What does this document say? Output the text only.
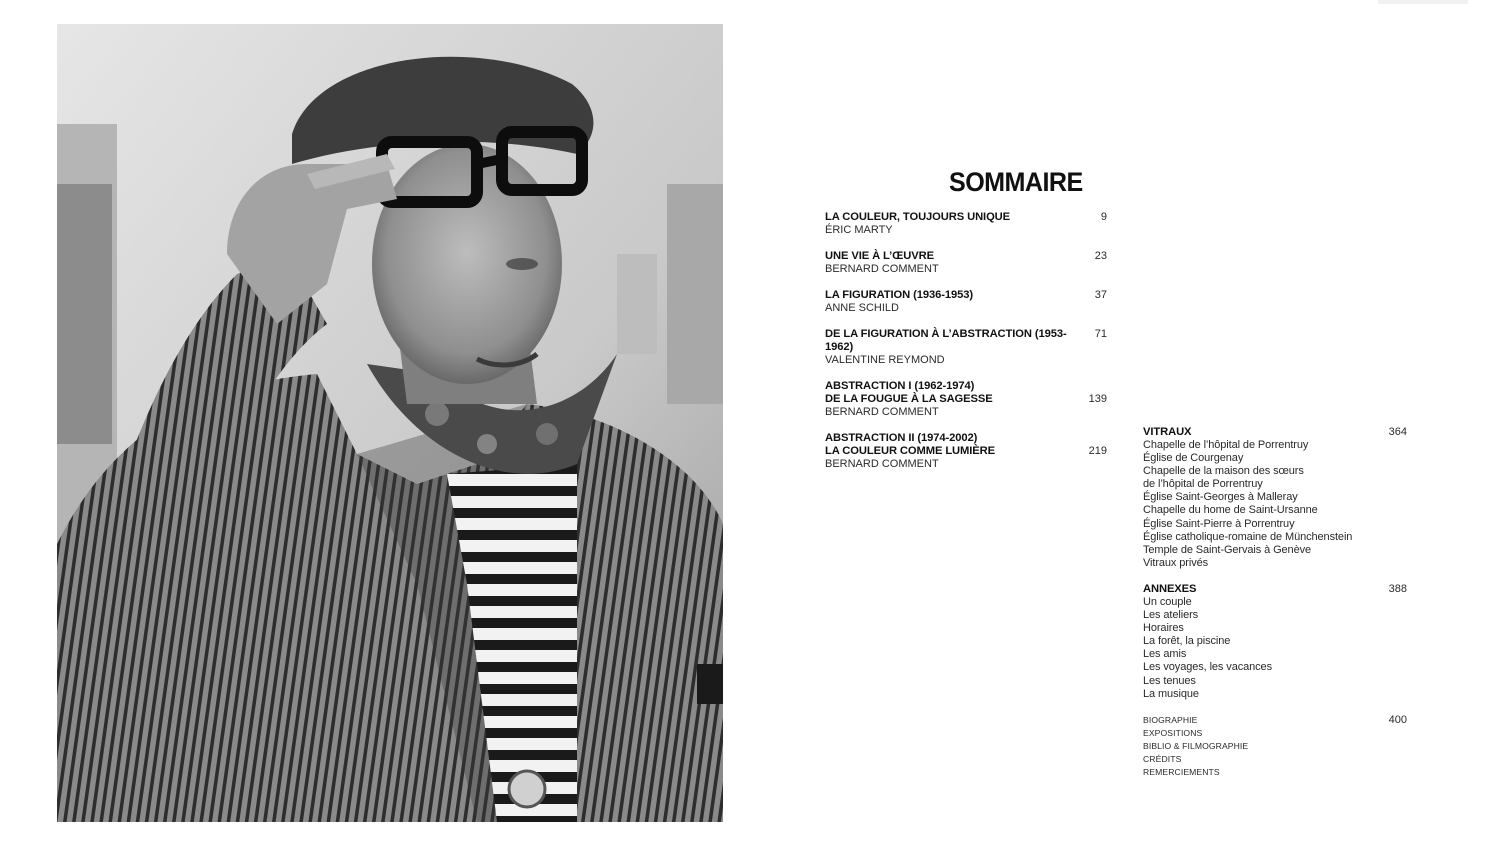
SOMMAIRE
9
LA COULEUR, TOUJOURS UNIQUE
ÉRIC MARTY
23
UNE VIE À L’ŒUVRE
BERNARD COMMENT
37
LA FIGURATION (1936-1953)
ANNE SCHILD
71
DE LA FIGURATION À L’ABSTRACTION (1953-1962)
VALENTINE REYMOND
139
ABSTRACTION I (1962-1974)
DE LA FOUGUE À LA SAGESSE
BERNARD COMMENT
219
ABSTRACTION II (1974-2002)
LA COULEUR COMME LUMIÈRE
BERNARD COMMENT
364
VITRAUX
Chapelle de l’hôpital de Porrentruy
Église de Courgenay
Chapelle de la maison des sœurs
de l’hôpital de Porrentruy
Église Saint-Georges à Malleray
Chapelle du home de Saint-Ursanne
Église Saint-Pierre à Porrentruy
Église catholique-romaine de Münchenstein
Temple de Saint-Gervais à Genève
Vitraux privés
388
ANNEXES
Un couple
Les ateliers
Horaires
La forêt, la piscine
Les amis
Les voyages, les vacances
Les tenues
La musique
400
BIOGRAPHIE
EXPOSITIONS
BIBLIO & FILMOGRAPHIE
CRÉDITS
REMERCIEMENTS
